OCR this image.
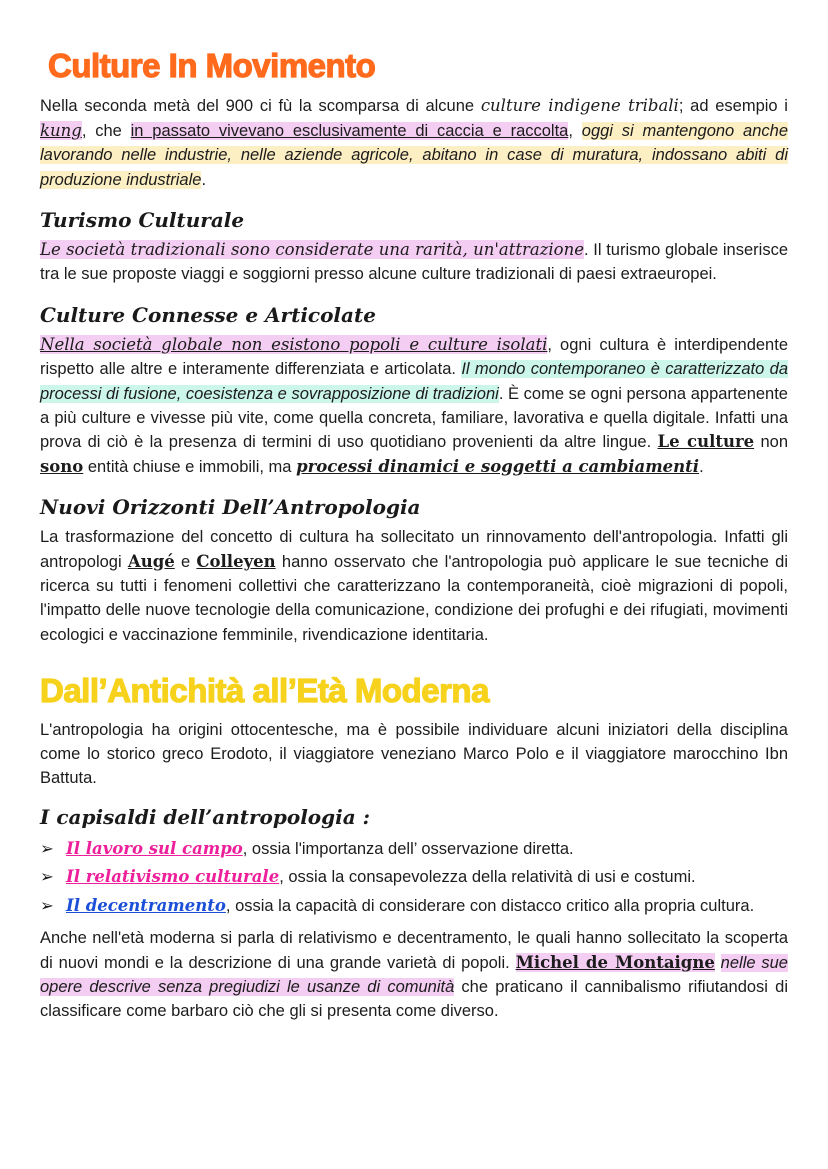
Culture In Movimento

Nella seconda metà del 900 ci fù la scomparsa di alcune culture indigene tribali; ad esempio i kung, che in passato vivevano esclusivamente di caccia e raccolta, oggi si mantengono anche lavorando nelle industrie, nelle aziende agricole, abitano in case di muratura, indossano abiti di produzione industriale.

Turismo Culturale

Le società tradizionali sono considerate una rarità, un'attrazione. Il turismo globale inserisce tra le sue proposte viaggi e soggiorni presso alcune culture tradizionali di paesi extraeuropei.

Culture Connesse e Articolate

Nella società globale non esistono popoli e culture isolati, ogni cultura è interdipendente rispetto alle altre e interamente differenziata e articolata. Il mondo contemporaneo è caratterizzato da processi di fusione, coesistenza e sovrapposizione di tradizioni. È come se ogni persona appartenente a più culture e vivesse più vite, come quella concreta, familiare, lavorativa e quella digitale. Infatti una prova di ciò è la presenza di termini di uso quotidiano provenienti da altre lingue. Le culture non sono entità chiuse e immobili, ma processi dinamici e soggetti a cambiamenti.

Nuovi Orizzonti Dell’Antropologia

La trasformazione del concetto di cultura ha sollecitato un rinnovamento dell'antropologia. Infatti gli antropologi Augé e Colleyen hanno osservato che l'antropologia può applicare le sue tecniche di ricerca su tutti i fenomeni collettivi che caratterizzano la contemporaneità, cioè migrazioni di popoli, l'impatto delle nuove tecnologie della comunicazione, condizione dei profughi e dei rifugiati, movimenti ecologici e vaccinazione femminile, rivendicazione identitaria.

Dall’Antichità all’Età Moderna

L'antropologia ha origini ottocentesche, ma è possibile individuare alcuni iniziatori della disciplina come lo storico greco Erodoto, il viaggiatore veneziano Marco Polo e il viaggiatore marocchino Ibn Battuta.

I capisaldi dell’antropologia :
➢ Il lavoro sul campo, ossia l'importanza dell’ osservazione diretta.
➢ Il relativismo culturale, ossia la consapevolezza della relatività di usi e costumi.
➢ Il decentramento, ossia la capacità di considerare con distacco critico alla propria cultura.

Anche nell'età moderna si parla di relativismo e decentramento, le quali hanno sollecitato la scoperta di nuovi mondi e la descrizione di una grande varietà di popoli. Michel de Montaigne nelle sue opere descrive senza pregiudizi le usanze di comunità che praticano il cannibalismo rifiutandosi di classificare come barbaro ciò che gli si presenta come diverso.
